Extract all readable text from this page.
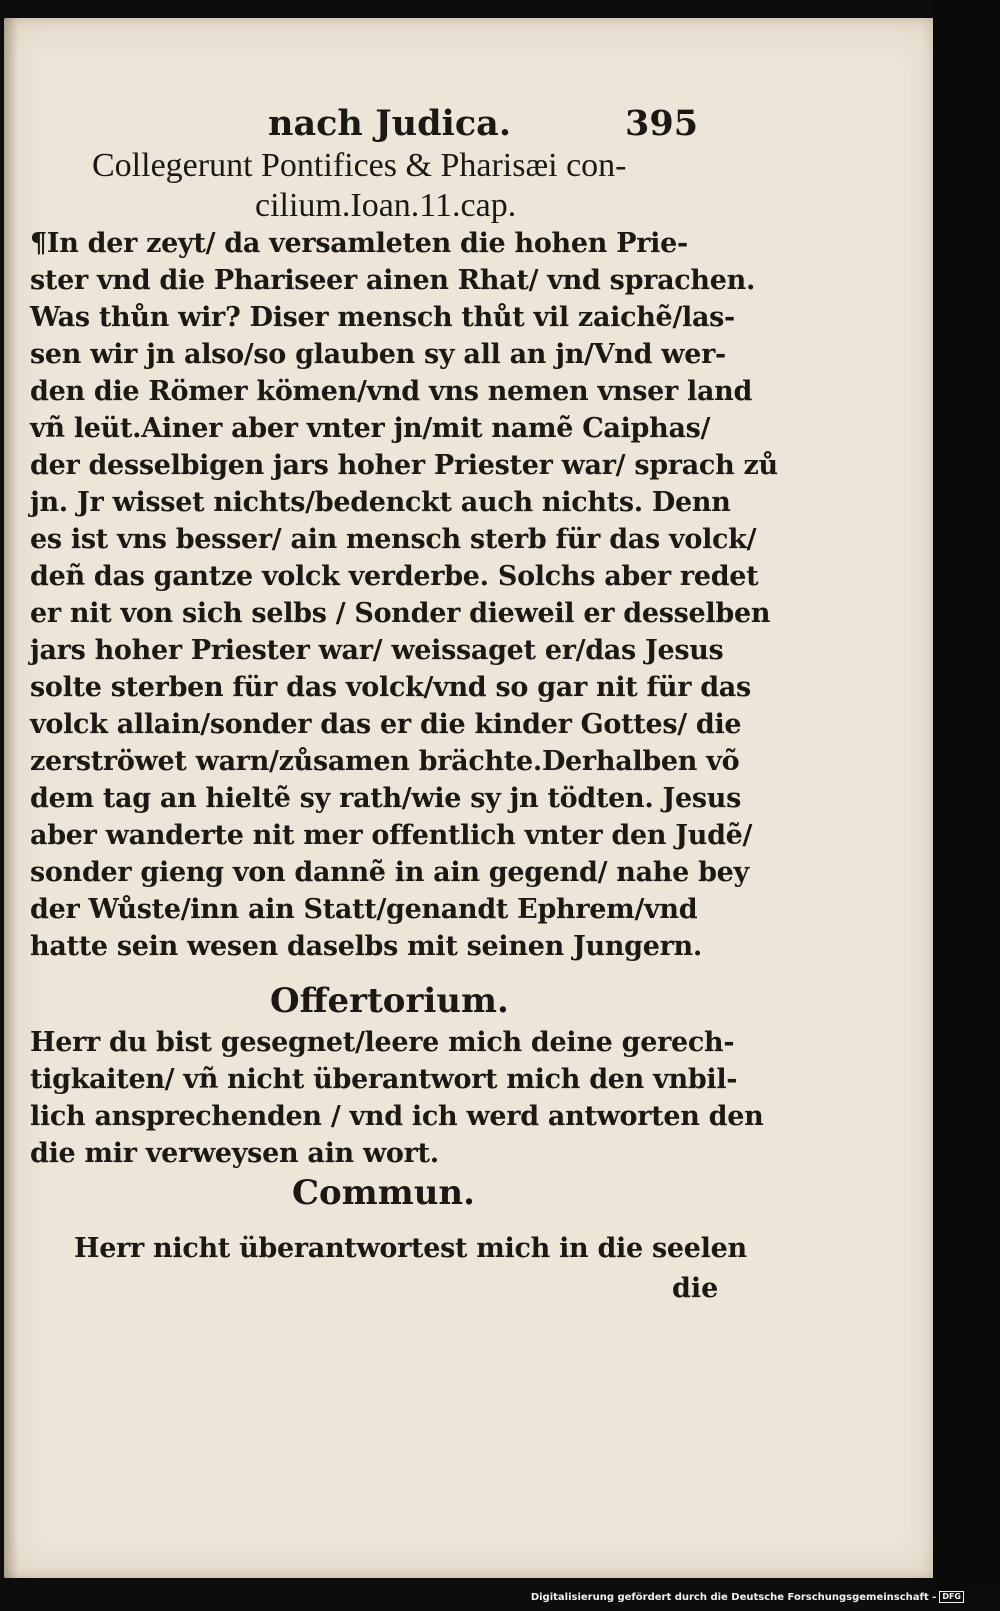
nach Judica.	395
Collegerunt Pontifices & Pharisæi con-
cilium.Ioan.11.cap.
¶In der zeyt/ da versamleten die hohen Prie-
ster vnd die Phariseer ainen Rhat/ vnd sprachen.
Was thůn wir? Diser mensch thůt vil zaichẽ/las-
sen wir jn also/so glauben sy all an jn/Vnd wer-
den die Römer kömen/vnd vns nemen vnser land
vñ leüt.Ainer aber vnter jn/mit namẽ Caiphas/
der desselbigen jars hoher Priester war/ sprach zů
jn. Jr wisset nichts/bedenckt auch nichts. Denn
es ist vns besser/ ain mensch sterb für das volck/
deñ das gantze volck verderbe. Solchs aber redet
er nit von sich selbs / Sonder dieweil er desselben
jars hoher Priester war/ weissaget er/das Jesus
solte sterben für das volck/vnd so gar nit für das
volck allain/sonder das er die kinder Gottes/ die
zerströwet warn/zůsamen brächte.Derhalben võ
dem tag an hieltẽ sy rath/wie sy jn tödten. Jesus
aber wanderte nit mer offentlich vnter den Judẽ/
sonder gieng von dannẽ in ain gegend/ nahe bey
der Wůste/inn ain Statt/genandt Ephrem/vnd
hatte sein wesen daselbs mit seinen Jungern.
Offertorium.
Herr du bist gesegnet/leere mich deine gerech-
tigkaiten/ vñ nicht überantwort mich den vnbil-
lich ansprechenden / vnd ich werd antworten den
die mir verweysen ain wort.
Commun.
Herr nicht überantwortest mich in die seelen
die
Digitalisierung gefördert durch die Deutsche Forschungsgemeinschaft - DFG
